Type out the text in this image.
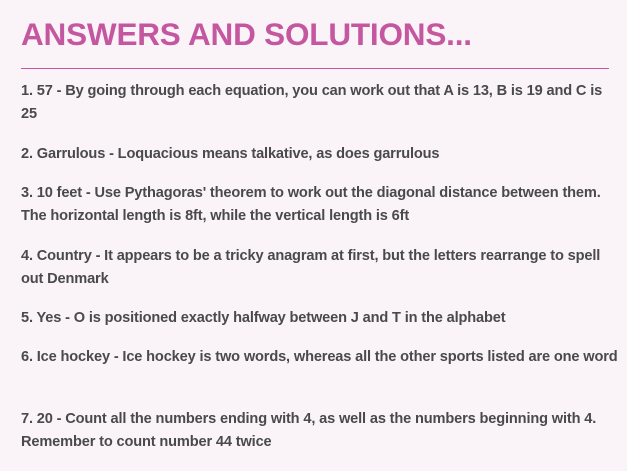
ANSWERS AND SOLUTIONS...
1. 57 - By going through each equation, you can work out that A is 13, B is 19 and C is 25
2. Garrulous - Loquacious means talkative, as does garrulous
3. 10 feet - Use Pythagoras' theorem to work out the diagonal distance between them. The horizontal length is 8ft, while the vertical length is 6ft
4. Country - It appears to be a tricky anagram at first, but the letters rearrange to spell out Denmark
5. Yes - O is positioned exactly halfway between J and T in the alphabet
6. Ice hockey - Ice hockey is two words, whereas all the other sports listed are one word
7. 20 - Count all the numbers ending with 4, as well as the numbers beginning with 4. Remember to count number 44 twice
